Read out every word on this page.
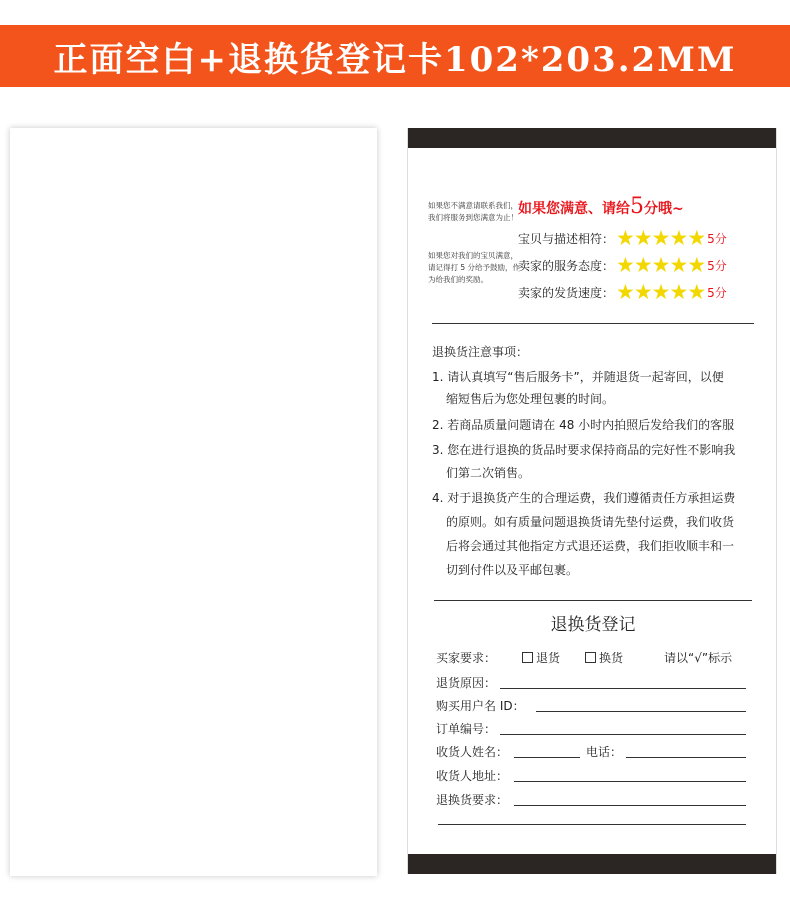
正面空白+退换货登记卡102*203.2MM
如果您不满意请联系我们，我们将服务到您满意为止！
如果您对我们的宝贝满意，请记得打 5 分给予鼓励，作为给我们的奖励。
如果您满意、请给5分哦~
宝贝与描述相符： ★★★★★ 5分
卖家的服务态度： ★★★★★ 5分
卖家的发货速度： ★★★★★ 5分
退换货注意事项：
1. 请认真填写“售后服务卡”，并随退货一起寄回，以便
缩短售后为您处理包裹的时间。
2. 若商品质量问题请在 48 小时内拍照后发给我们的客服
3. 您在进行退换的货品时要求保持商品的完好性不影响我
们第二次销售。
4. 对于退换货产生的合理运费，我们遵循责任方承担运费
的原则。如有质量问题退换货请先垫付运费，我们收货
后将会通过其他指定方式退还运费，我们拒收顺丰和一
切到付件以及平邮包裹。
退换货登记
买家要求：	退货	换货	请以“√”标示
退货原因：
购买用户名 ID：
订单编号：
收货人姓名：	电话：
收货人地址：
退换货要求：
